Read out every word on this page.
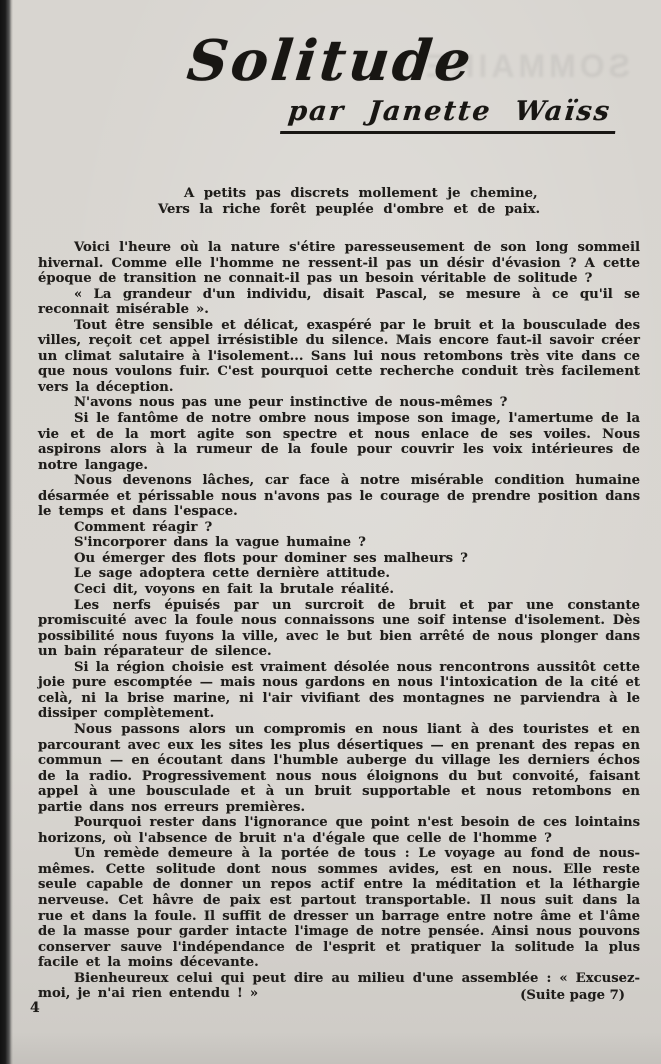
SOMMAIRE
Solitude
par Janette Waïss
A petits pas discrets mollement je chemine,
Vers la riche forêt peuplée d'ombre et de paix.

Voici l'heure où la nature s'étire paresseusement de son long sommeil hivernal. Comme elle l'homme ne ressent-il pas un désir d'évasion ? A cette époque de transition ne connait-il pas un besoin véritable de solitude ?

« La grandeur d'un individu, disait Pascal, se mesure à ce qu'il se reconnait misérable ».

Tout être sensible et délicat, exaspéré par le bruit et la bousculade des villes, reçoit cet appel irrésistible du silence. Mais encore faut-il savoir créer un climat salutaire à l'isolement... Sans lui nous retombons très vite dans ce que nous voulons fuir. C'est pourquoi cette recherche conduit très facilement vers la déception.

N'avons nous pas une peur instinctive de nous-mêmes ?

Si le fantôme de notre ombre nous impose son image, l'amertume de la vie et de la mort agite son spectre et nous enlace de ses voiles. Nous aspirons alors à la rumeur de la foule pour couvrir les voix intérieures de notre langage.

Nous devenons lâches, car face à notre misérable condition humaine désarmée et périssable nous n'avons pas le courage de prendre position dans le temps et dans l'espace.

Comment réagir ?

S'incorporer dans la vague humaine ?

Ou émerger des flots pour dominer ses malheurs ?

Le sage adoptera cette dernière attitude.

Ceci dit, voyons en fait la brutale réalité.

Les nerfs épuisés par un surcroit de bruit et par une constante promiscuité avec la foule nous connaissons une soif intense d'isolement. Dès possibilité nous fuyons la ville, avec le but bien arrêté de nous plonger dans un bain réparateur de silence.

Si la région choisie est vraiment désolée nous rencontrons aussitôt cette joie pure escomptée — mais nous gardons en nous l'intoxication de la cité et celà, ni la brise marine, ni l'air vivifiant des montagnes ne parviendra à le dissiper complètement.

Nous passons alors un compromis en nous liant à des touristes et en parcourant avec eux les sites les plus désertiques — en prenant des repas en commun — en écoutant dans l'humble auberge du village les derniers échos de la radio. Progressivement nous nous éloignons du but convoité, faisant appel à une bousculade et à un bruit supportable et nous retombons en partie dans nos erreurs premières.

Pourquoi rester dans l'ignorance que point n'est besoin de ces lointains horizons, où l'absence de bruit n'a d'égale que celle de l'homme ?

Un remède demeure à la portée de tous : Le voyage au fond de nous-mêmes. Cette solitude dont nous sommes avides, est en nous. Elle reste seule capable de donner un repos actif entre la méditation et la léthargie nerveuse. Cet hâvre de paix est partout transportable. Il nous suit dans la rue et dans la foule. Il suffit de dresser un barrage entre notre âme et l'âme de la masse pour garder intacte l'image de notre pensée. Ainsi nous pouvons conserver sauve l'indépendance de l'esprit et pratiquer la solitude la plus facile et la moins décevante.

Bienheureux celui qui peut dire au milieu d'une assemblée : « Excusez-moi, je n'ai rien entendu ! »	(Suite page 7)
4
